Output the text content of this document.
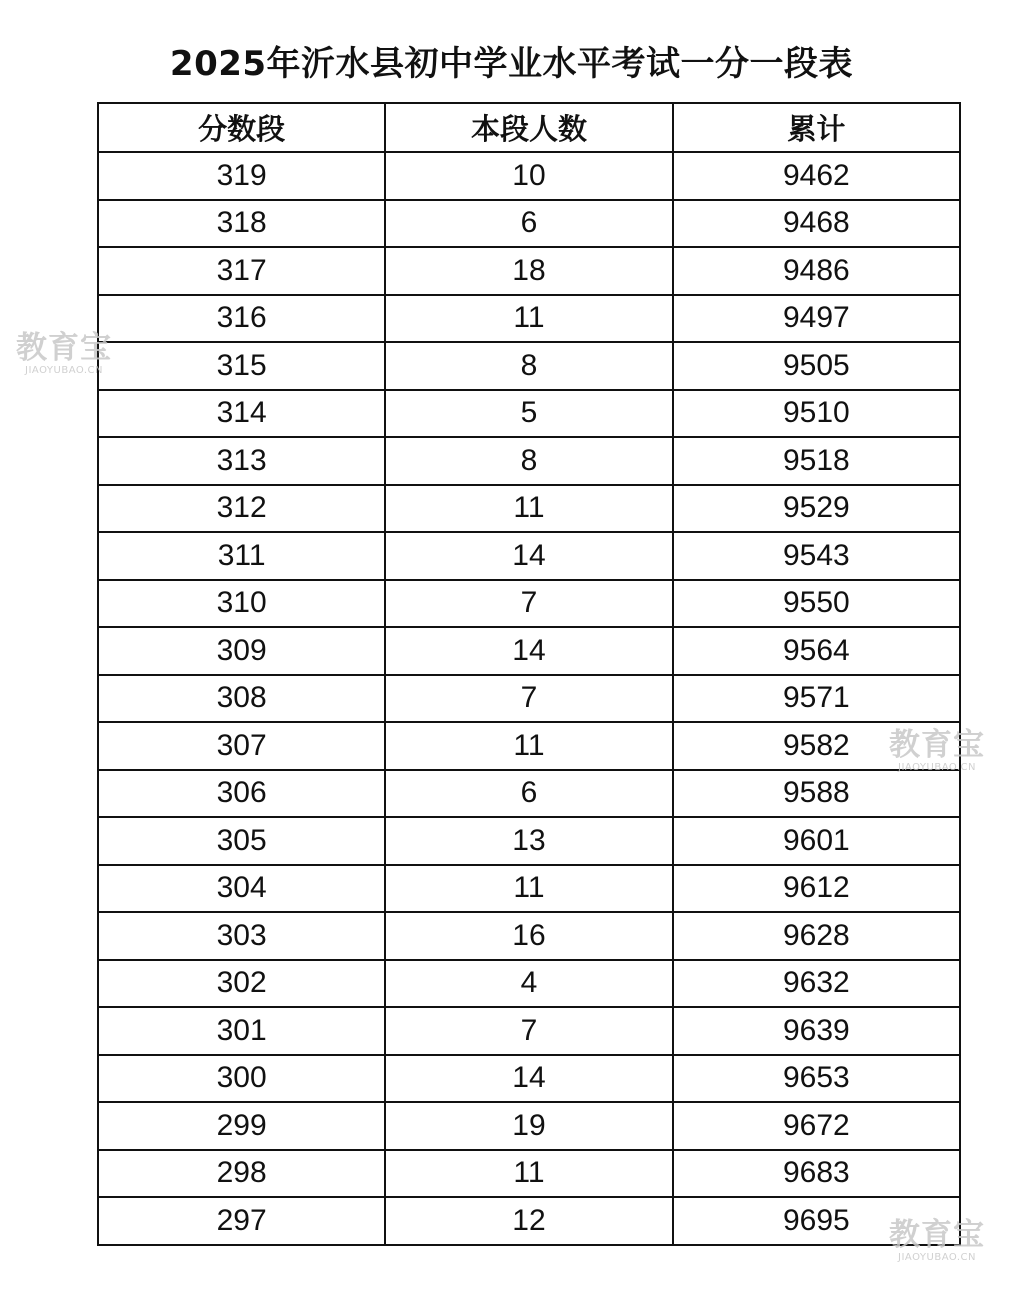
2025年沂水县初中学业水平考试一分一段表
分数段	本段人数	累计
319	10	9462
318	6	9468
317	18	9486
316	11	9497
315	8	9505
314	5	9510
313	8	9518
312	11	9529
311	14	9543
310	7	9550
309	14	9564
308	7	9571
307	11	9582
306	6	9588
305	13	9601
304	11	9612
303	16	9628
302	4	9632
301	7	9639
300	14	9653
299	19	9672
298	11	9683
297	12	9695
教育宝
JIAOYUBAO.CN
教育宝
JIAOYUBAO.CN
教育宝
JIAOYUBAO.CN
